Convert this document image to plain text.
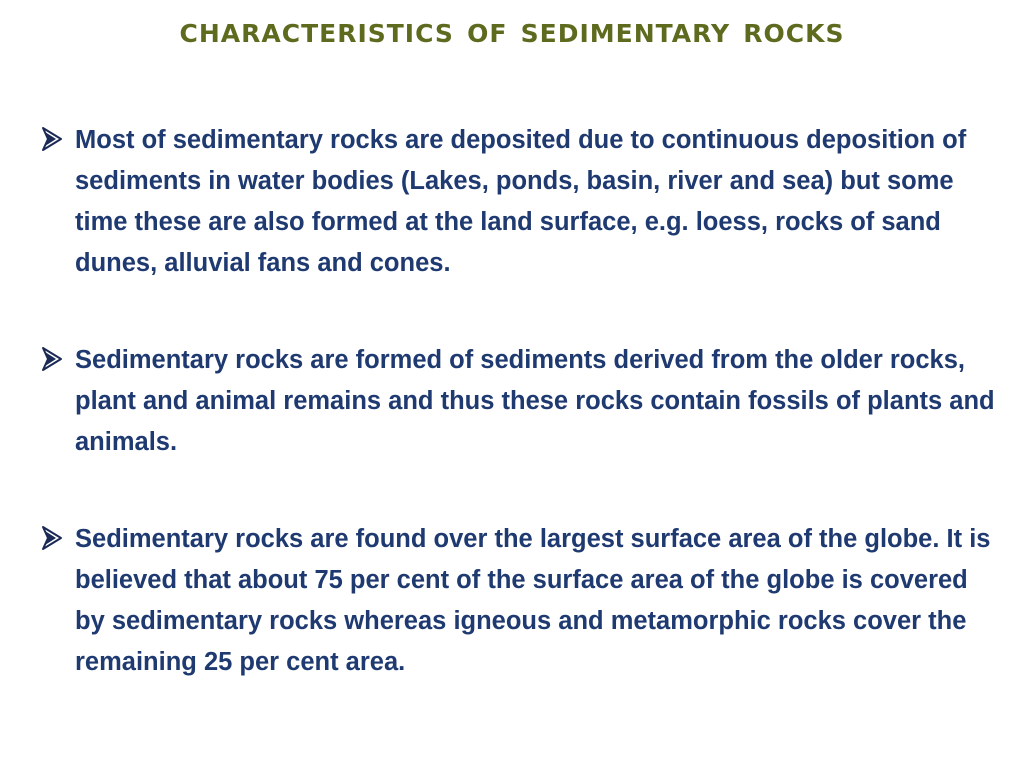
characteristics of sedimentary rocks
Most of sedimentary rocks are deposited due to continuous deposition of sediments in water bodies (Lakes, ponds, basin, river and sea) but some time these are also formed at the land surface, e.g. loess, rocks of sand dunes, alluvial fans and cones.
Sedimentary rocks are formed of sediments derived from the older rocks, plant and animal remains and thus these rocks contain fossils of plants and animals.
Sedimentary rocks are found over the largest surface area of the globe. It is believed that about 75 per cent of the surface area of the globe is covered by sedimentary rocks whereas igneous and metamorphic rocks cover the remaining 25 per cent area.
